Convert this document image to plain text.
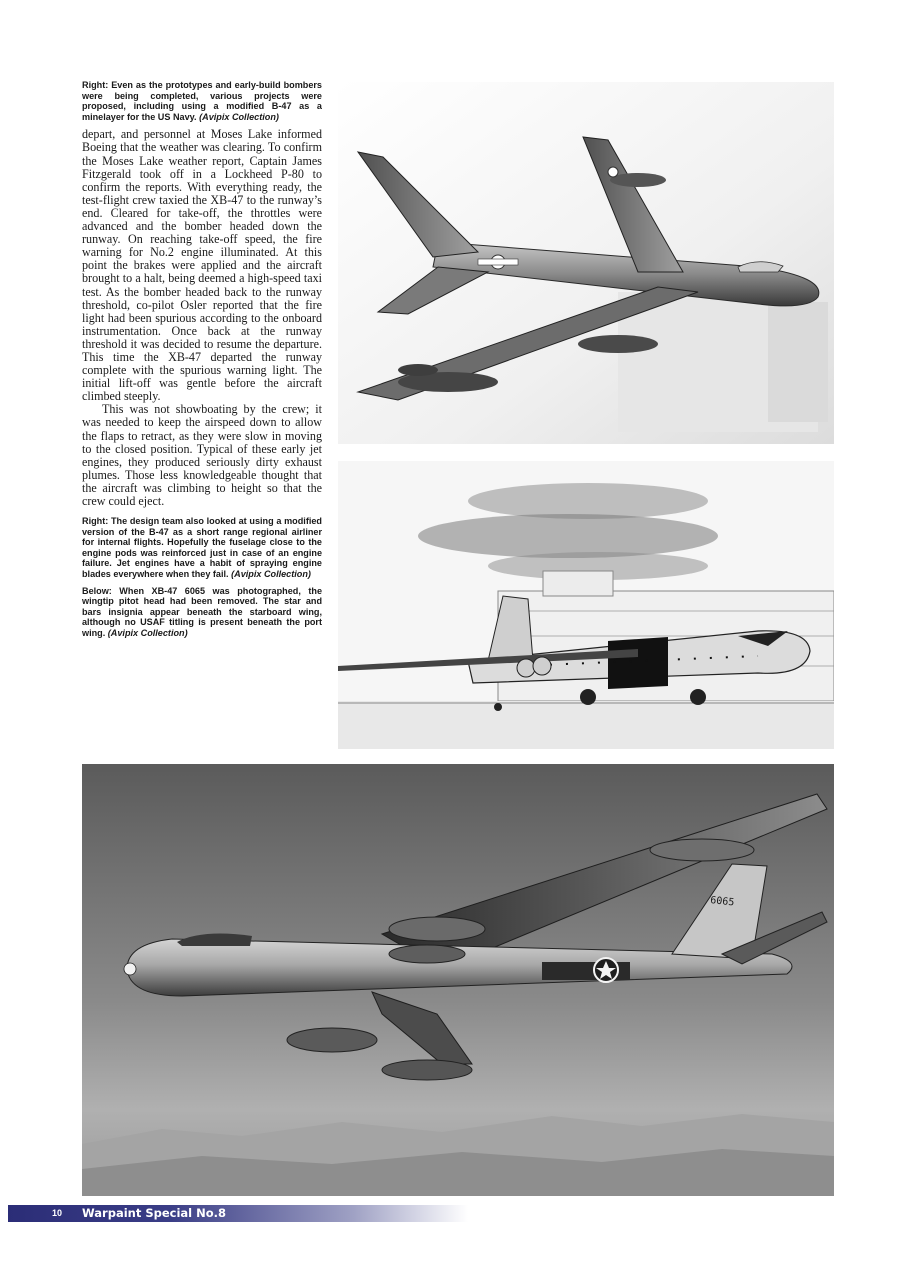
Right: Even as the prototypes and early-build bombers were being completed, various projects were proposed, including using a modified B-47 as a minelayer for the US Navy. (Avipix Collection)

depart, and personnel at Moses Lake informed Boeing that the weather was clearing. To confirm the Moses Lake weather report, Captain James Fitzgerald took off in a Lockheed P-80 to confirm the reports. With everything ready, the test-flight crew taxied the XB-47 to the runway’s end. Cleared for take-off, the throttles were advanced and the bomber headed down the runway. On reaching take-off speed, the fire warning for No.2 engine illuminated. At this point the brakes were applied and the aircraft brought to a halt, being deemed a high-speed taxi test. As the bomber headed back to the runway threshold, co-pilot Osler reported that the fire light had been spurious according to the onboard instrumentation. Once back at the runway threshold it was decided to resume the departure. This time the XB-47 departed the runway complete with the spurious warning light. The initial lift-off was gentle before the aircraft climbed steeply.

This was not showboating by the crew; it was needed to keep the airspeed down to allow the flaps to retract, as they were slow in moving to the closed position. Typical of these early jet engines, they produced seriously dirty exhaust plumes. Those less knowledgeable thought that the aircraft was climbing to height so that the crew could eject.

Right: The design team also looked at using a modified version of the B-47 as a short range regional airliner for internal flights. Hopefully the fuselage close to the engine pods was reinforced just in case of an engine failure. Jet engines have a habit of spraying engine blades everywhere when they fail. (Avipix Collection)

Below: When XB-47 6065 was photographed, the wingtip pitot head had been removed. The star and bars insignia appear beneath the starboard wing, although no USAF titling is present beneath the port wing. (Avipix Collection)

6065
10 Warpaint Special No.8
